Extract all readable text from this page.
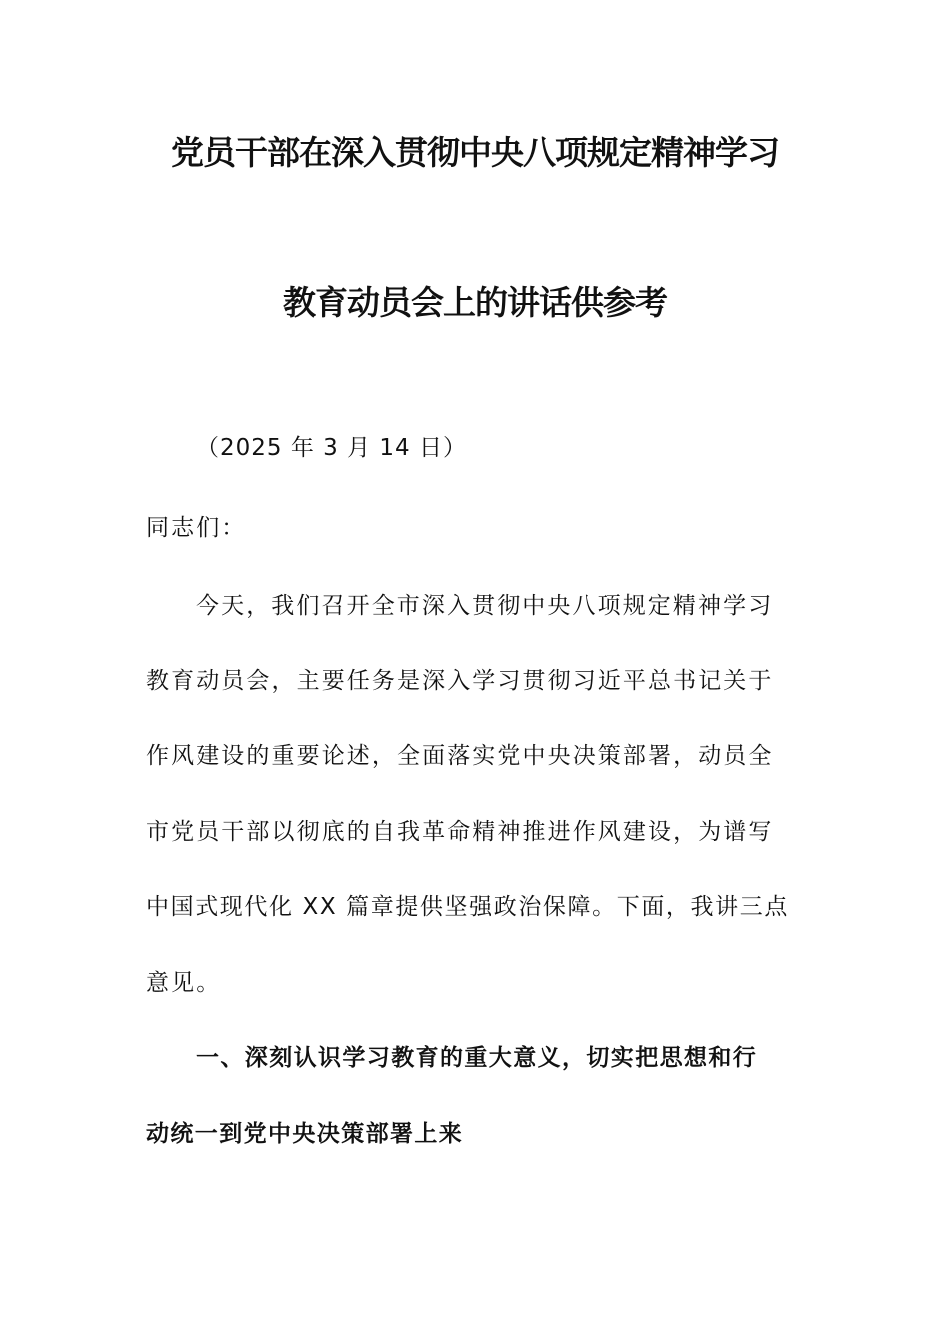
党员干部在深入贯彻中央八项规定精神学习
教育动员会上的讲话供参考
（2025 年 3 月 14 日）
同志们：
今天，我们召开全市深入贯彻中央八项规定精神学习
教育动员会，主要任务是深入学习贯彻习近平总书记关于
作风建设的重要论述，全面落实党中央决策部署，动员全
市党员干部以彻底的自我革命精神推进作风建设，为谱写
中国式现代化 XX 篇章提供坚强政治保障。下面，我讲三点
意见。
一、深刻认识学习教育的重大意义，切实把思想和行
动统一到党中央决策部署上来
